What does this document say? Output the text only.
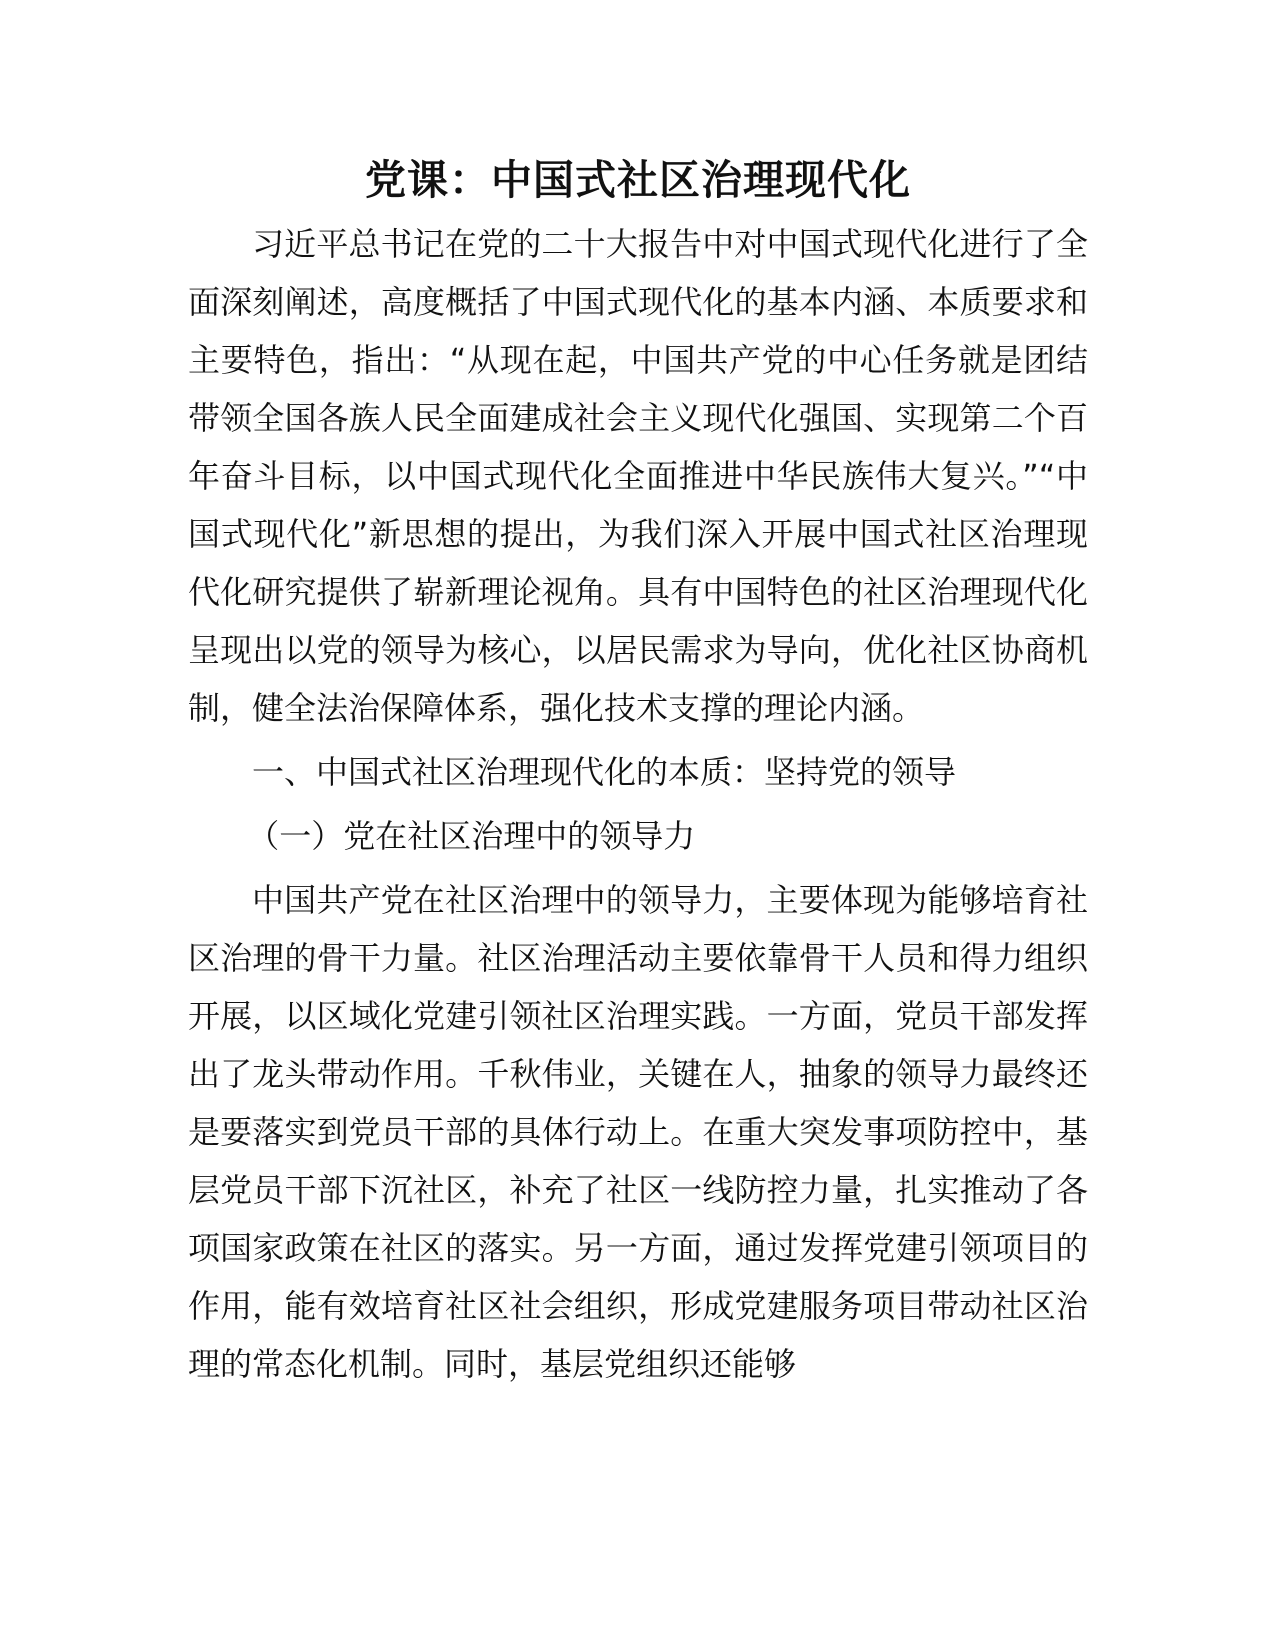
党课：中国式社区治理现代化

习近平总书记在党的二十大报告中对中国式现代化进行了全面深刻阐述，高度概括了中国式现代化的基本内涵、本质要求和主要特色，指出：“从现在起，中国共产党的中心任务就是团结带领全国各族人民全面建成社会主义现代化强国、实现第二个百年奋斗目标，以中国式现代化全面推进中华民族伟大复兴。”“中国式现代化”新思想的提出，为我们深入开展中国式社区治理现代化研究提供了崭新理论视角。具有中国特色的社区治理现代化呈现出以党的领导为核心，以居民需求为导向，优化社区协商机制，健全法治保障体系，强化技术支撑的理论内涵。

一、中国式社区治理现代化的本质：坚持党的领导

（一）党在社区治理中的领导力

中国共产党在社区治理中的领导力，主要体现为能够培育社区治理的骨干力量。社区治理活动主要依靠骨干人员和得力组织开展，以区域化党建引领社区治理实践。一方面，党员干部发挥出了龙头带动作用。千秋伟业，关键在人，抽象的领导力最终还是要落实到党员干部的具体行动上。在重大突发事项防控中，基层党员干部下沉社区，补充了社区一线防控力量，扎实推动了各项国家政策在社区的落实。另一方面，通过发挥党建引领项目的作用，能有效培育社区社会组织，形成党建服务项目带动社区治理的常态化机制。同时，基层党组织还能够
